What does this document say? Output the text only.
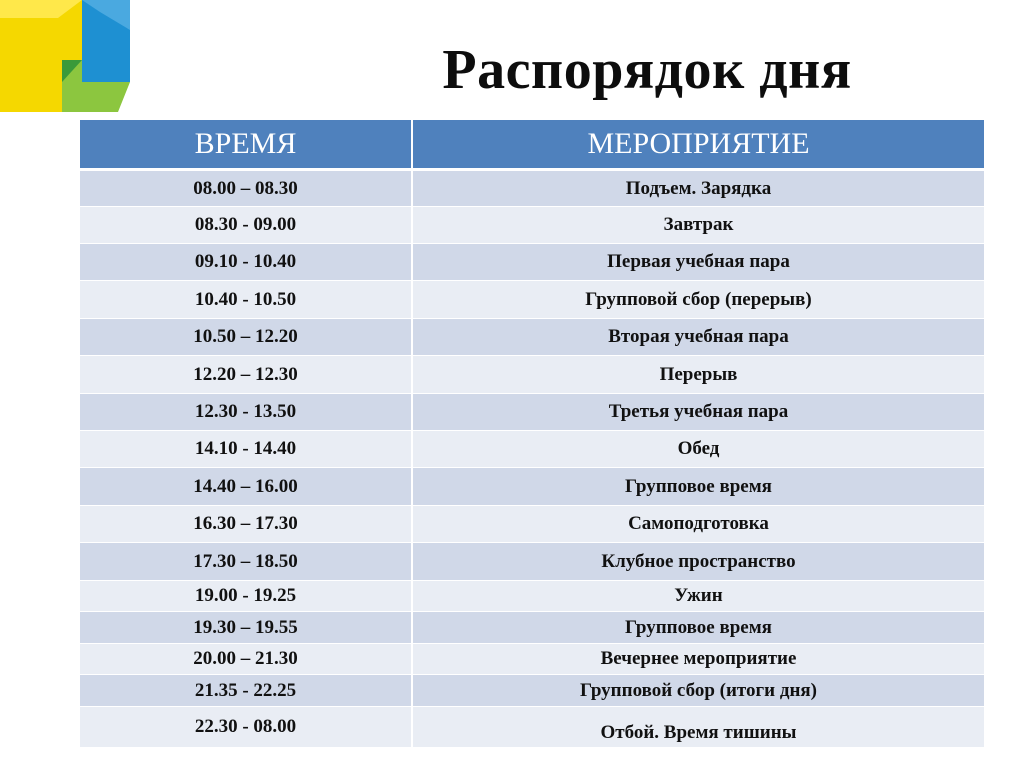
Распорядок дня
ВРЕМЯ	МЕРОПРИЯТИЕ
08.00 – 08.30	Подъем. Зарядка
08.30 - 09.00	Завтрак
09.10 - 10.40	Первая учебная пара
10.40 - 10.50	Групповой сбор (перерыв)
10.50 – 12.20	Вторая учебная пара
12.20 – 12.30	Перерыв
12.30 - 13.50	Третья учебная пара
14.10 - 14.40	Обед
14.40 – 16.00	Групповое время
16.30 – 17.30	Самоподготовка
17.30 – 18.50	Клубное пространство
19.00 - 19.25	Ужин
19.30 – 19.55	Групповое время
20.00 – 21.30	Вечернее мероприятие
21.35 - 22.25	Групповой сбор (итоги дня)
22.30 - 08.00	Отбой. Время тишины
